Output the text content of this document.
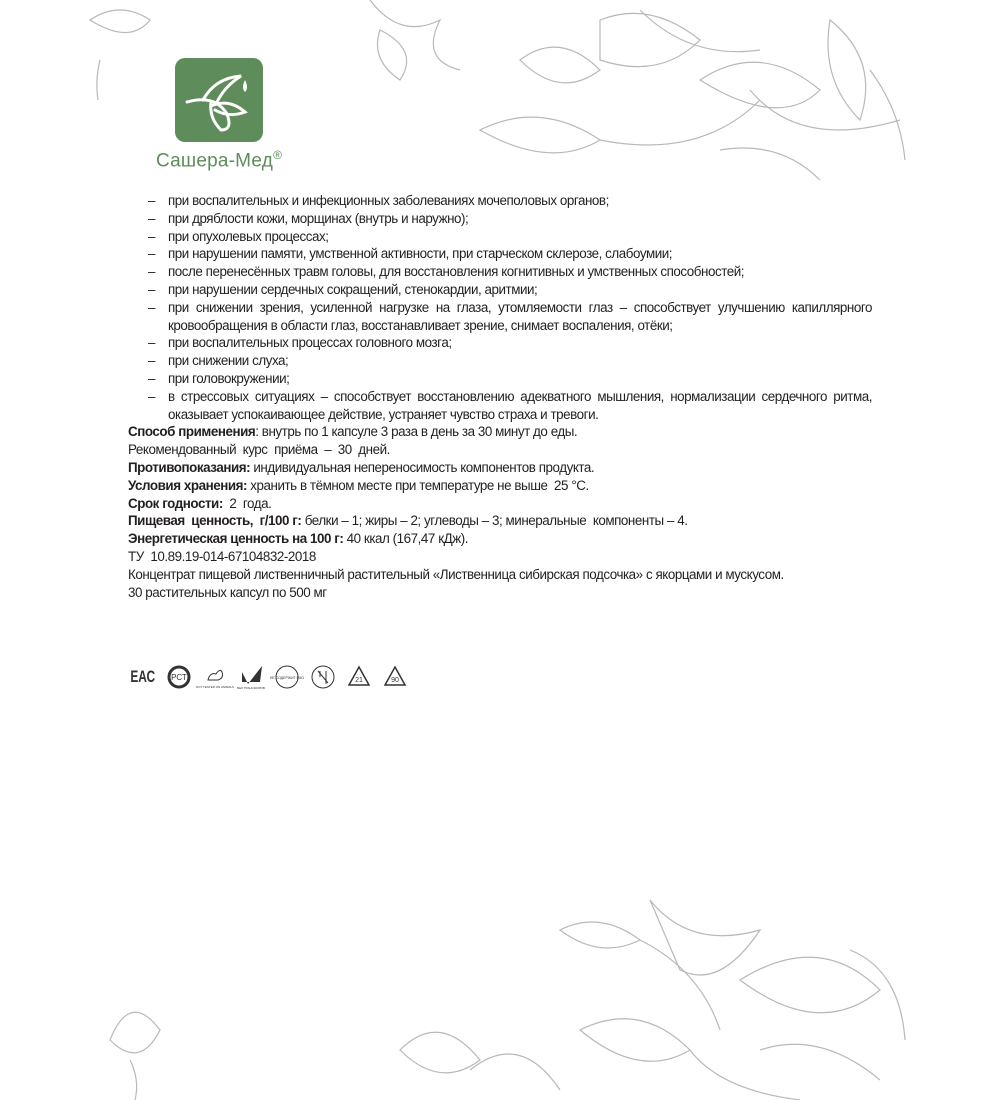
Сашера-Мед®
– при воспалительных и инфекционных заболеваниях мочеполовых органов;
– при дряблости кожи, морщинах (внутрь и наружно);
– при опухолевых процессах;
– при нарушении памяти, умственной активности, при старческом склерозе, слабоумии;
– после перенесённых травм головы, для восстановления когнитивных и умственных способностей;
– при нарушении сердечных сокращений, стенокардии, аритмии;
– при снижении зрения, усиленной нагрузке на глаза, утомляемости глаз – способствует улучшению капиллярного кровообращения в области глаз, восстанавливает зрение, снимает воспаления, отёки;
– при воспалительных процессах головного мозга;
– при снижении слуха;
– при головокружении;
– в стрессовых ситуациях – способствует восстановлению адекватного мышления, нормализации сердечного ритма, оказывает успокаивающее действие, устраняет чувство страха и тревоги.
Способ применения: внутрь по 1 капсуле 3 раза в день за 30 минут до еды.
Рекомендованный  курс  приёма  –  30  дней.
Противопоказания: индивидуальная непереносимость компонентов продукта.
Условия хранения: хранить в тёмном месте при температуре не выше  25 °С.
Срок годности:  2  года.
Пищевая  ценность,  г/100 г: белки – 1; жиры – 2; углеводы – 3; минеральные  компоненты – 4.
Энергетическая ценность на 100 г: 40 ккал (167,47 кДж).
ТУ  10.89.19-014-67104832-2018
Концентрат пищевой лиственничный растительный «Лиственница сибирская подсочка» с якорцами и мускусом.
30 растительных капсул по 500 мг
ЕАС РСТ
NOT TESTED ON ANIMALS БЕЗ ТРАНСЖИРОВ
НЕ СОДЕРЖИТ ГМО	21	90
